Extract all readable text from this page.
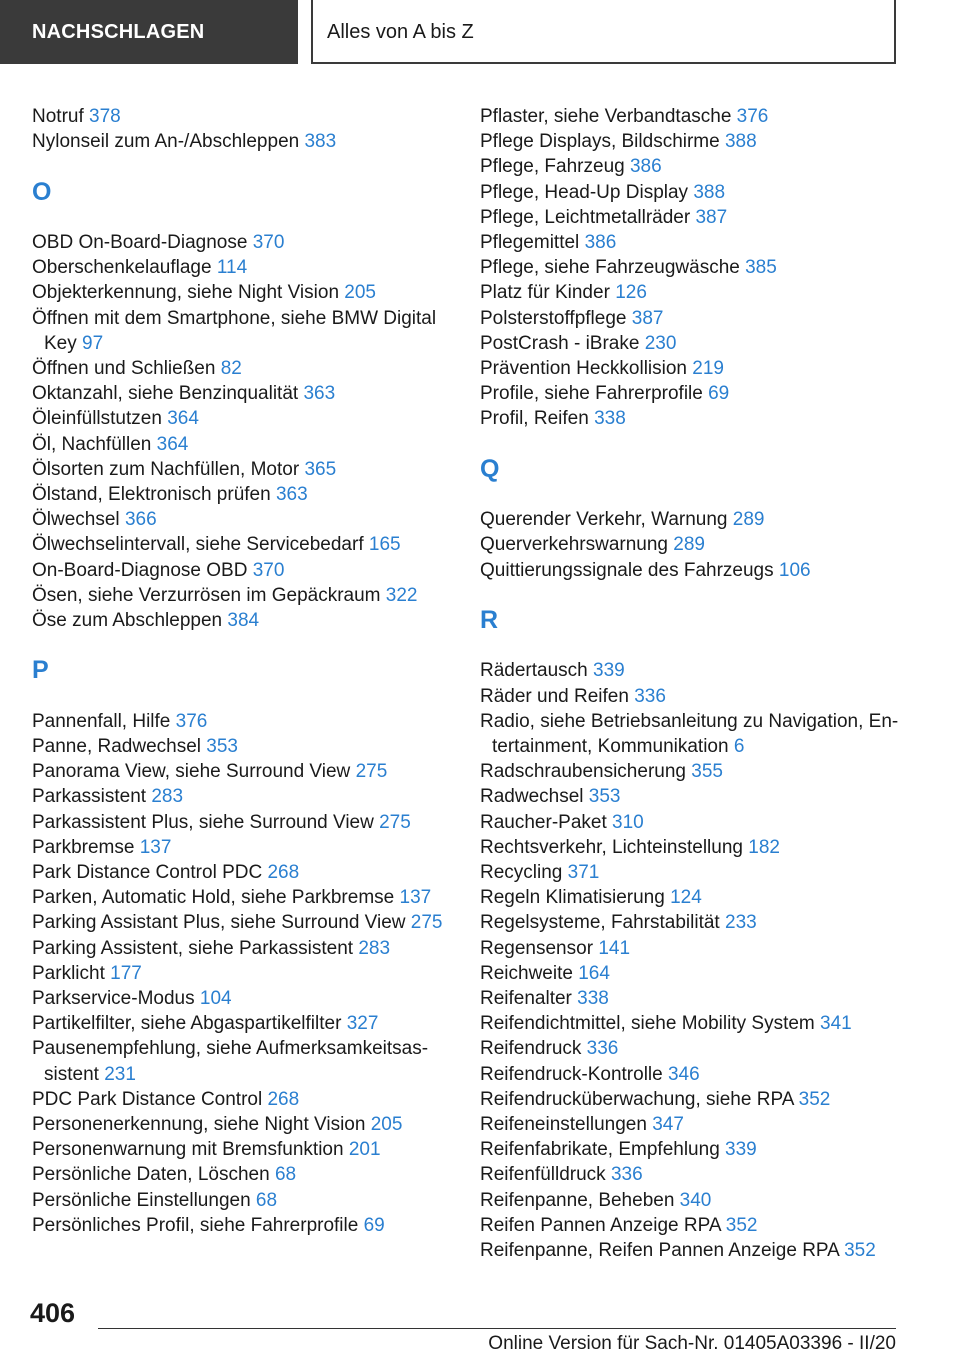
NACHSCHLAGEN	Alles von A bis Z
Notruf 378
Nylonseil zum An-/Abschleppen 383
O
OBD On-Board-Diagnose 370
Oberschenkelauflage 114
Objekterkennung, siehe Night Vision 205
Öffnen mit dem Smartphone, siehe BMW Digital Key 97
Öffnen und Schließen 82
Oktanzahl, siehe Benzinqualität 363
Öleinfüllstutzen 364
Öl, Nachfüllen 364
Ölsorten zum Nachfüllen, Motor 365
Ölstand, Elektronisch prüfen 363
Ölwechsel 366
Ölwechselintervall, siehe Servicebedarf 165
On-Board-Diagnose OBD 370
Ösen, siehe Verzurrösen im Gepäckraum 322
Öse zum Abschleppen 384
P
Pannenfall, Hilfe 376
Panne, Radwechsel 353
Panorama View, siehe Surround View 275
Parkassistent 283
Parkassistent Plus, siehe Surround View 275
Parkbremse 137
Park Distance Control PDC 268
Parken, Automatic Hold, siehe Parkbremse 137
Parking Assistant Plus, siehe Surround View 275
Parking Assistent, siehe Parkassistent 283
Parklicht 177
Parkservice-Modus 104
Partikelfilter, siehe Abgaspartikelfilter 327
Pausenempfehlung, siehe Aufmerksamkeitsas-sistent 231
PDC Park Distance Control 268
Personenerkennung, siehe Night Vision 205
Personenwarnung mit Bremsfunktion 201
Persönliche Daten, Löschen 68
Persönliche Einstellungen 68
Persönliches Profil, siehe Fahrerprofile 69
Pflaster, siehe Verbandtasche 376
Pflege Displays, Bildschirme 388
Pflege, Fahrzeug 386
Pflege, Head-Up Display 388
Pflege, Leichtmetallräder 387
Pflegemittel 386
Pflege, siehe Fahrzeugwäsche 385
Platz für Kinder 126
Polsterstoffpflege 387
PostCrash - iBrake 230
Prävention Heckkollision 219
Profile, siehe Fahrerprofile 69
Profil, Reifen 338
Q
Querender Verkehr, Warnung 289
Querverkehrswarnung 289
Quittierungssignale des Fahrzeugs 106
R
Rädertausch 339
Räder und Reifen 336
Radio, siehe Betriebsanleitung zu Navigation, En-tertainment, Kommunikation 6
Radschraubensicherung 355
Radwechsel 353
Raucher-Paket 310
Rechtsverkehr, Lichteinstellung 182
Recycling 371
Regeln Klimatisierung 124
Regelsysteme, Fahrstabilität 233
Regensensor 141
Reichweite 164
Reifenalter 338
Reifendichtmittel, siehe Mobility System 341
Reifendruck 336
Reifendruck-Kontrolle 346
Reifendrucküberwachung, siehe RPA 352
Reifeneinstellungen 347
Reifenfabrikate, Empfehlung 339
Reifenfülldruck 336
Reifenpanne, Beheben 340
Reifen Pannen Anzeige RPA 352
Reifenpanne, Reifen Pannen Anzeige RPA 352
406
Online Version für Sach-Nr. 01405A03396 - II/20
